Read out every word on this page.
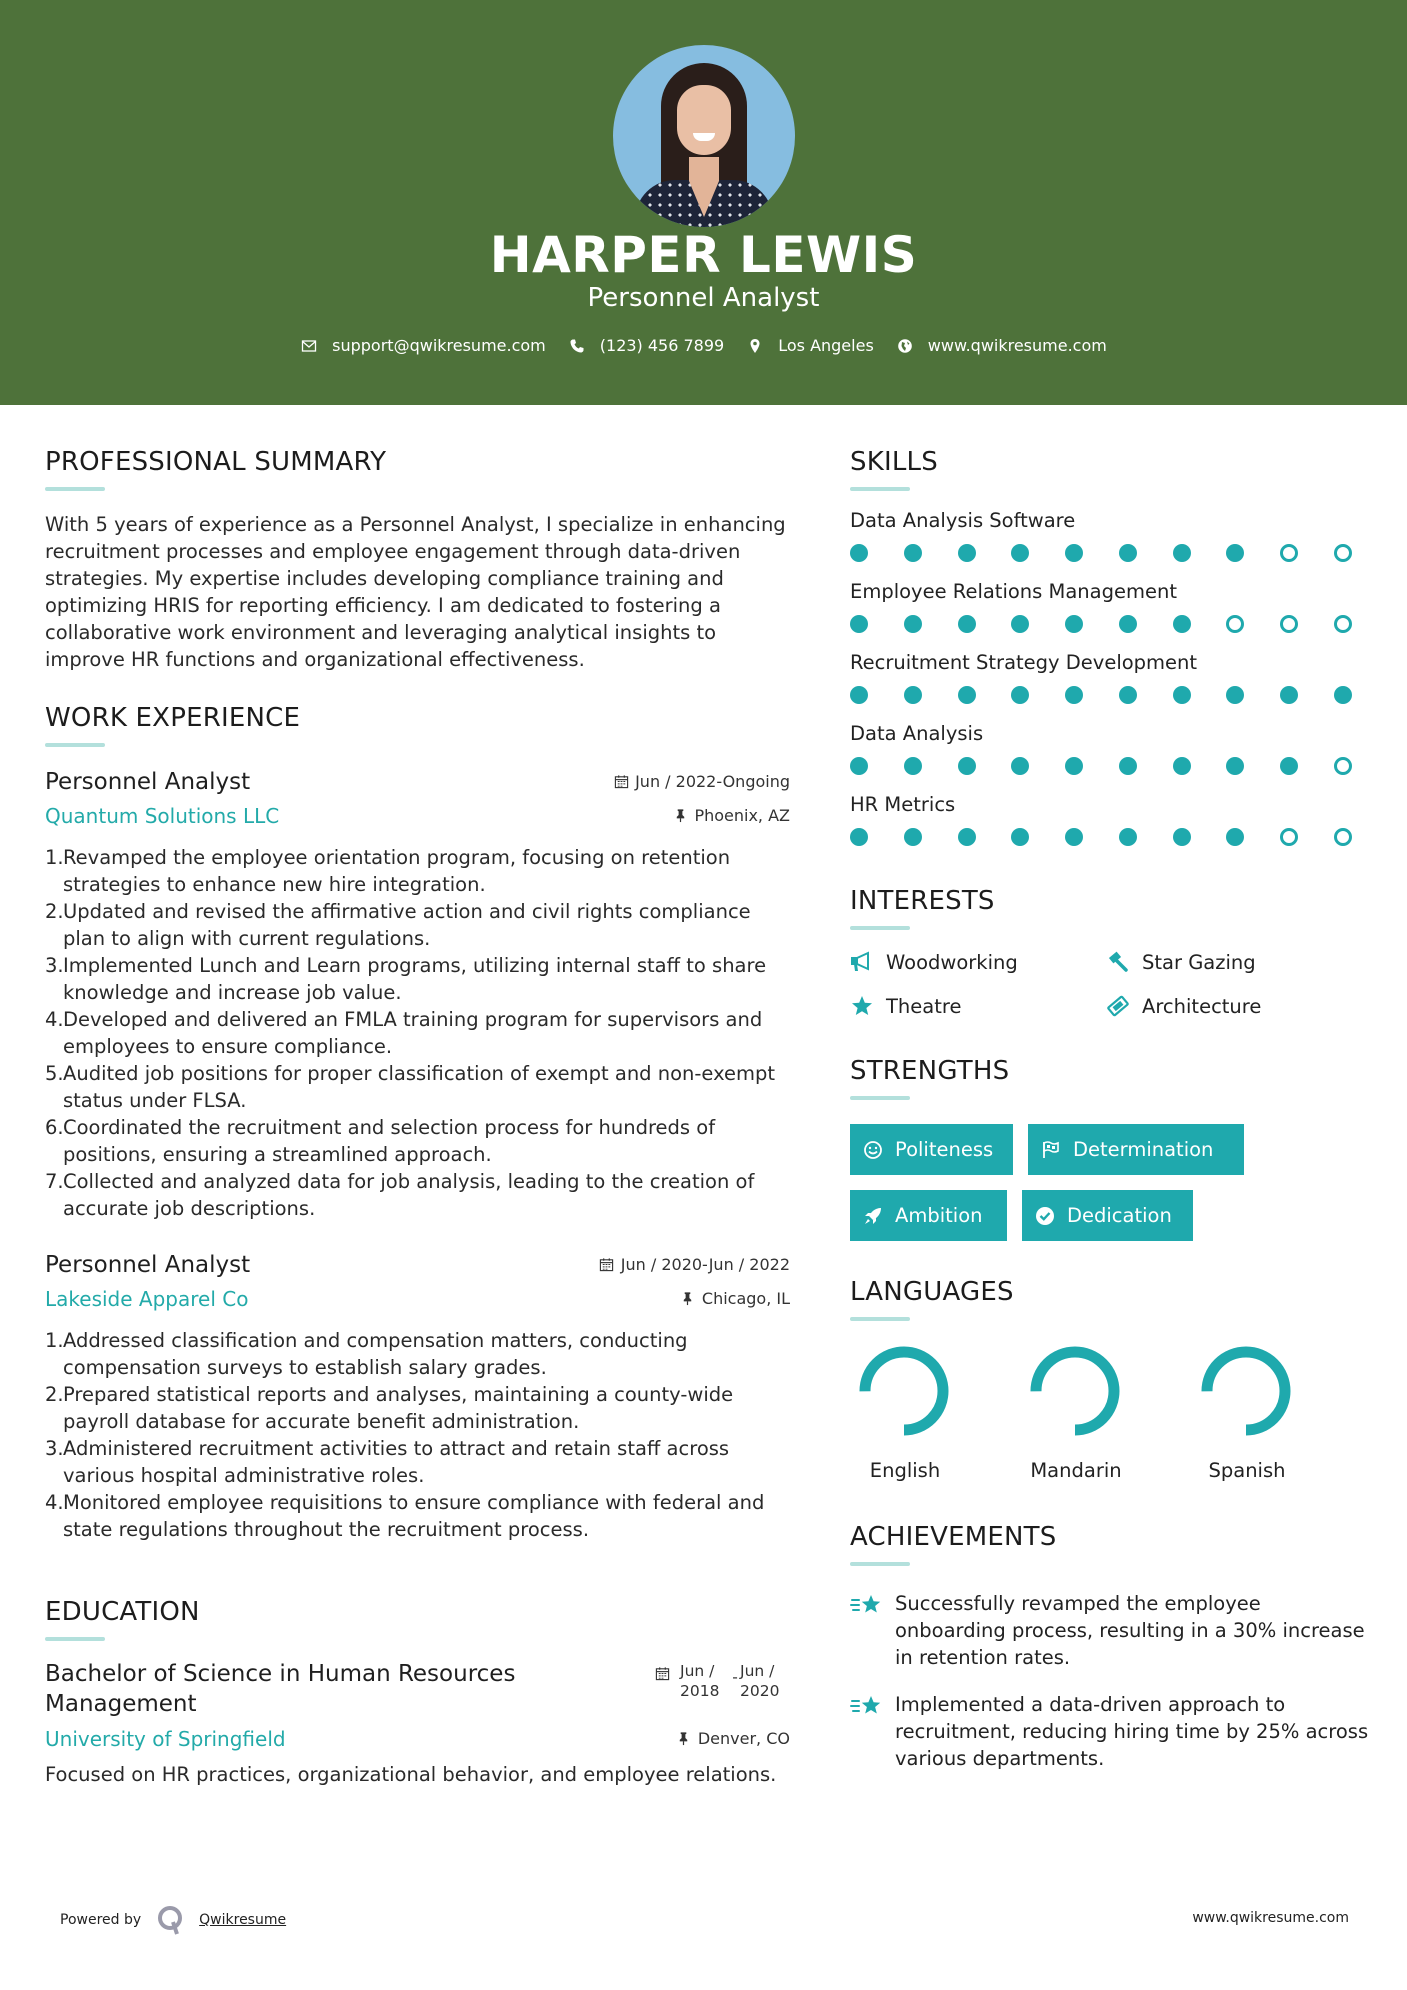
HARPER LEWIS
Personnel Analyst
support@qwikresume.com	(123) 456 7899	Los Angeles	www.qwikresume.com
PROFESSIONAL SUMMARY

With 5 years of experience as a Personnel Analyst, I specialize in enhancing recruitment processes and employee engagement through data-driven strategies. My expertise includes developing compliance training and optimizing HRIS for reporting efficiency. I am dedicated to fostering a collaborative work environment and leveraging analytical insights to improve HR functions and organizational effectiveness.

WORK EXPERIENCE
Personnel Analyst	Jun / 2022-Ongoing
Quantum Solutions LLC	Phoenix, AZ
1. Revamped the employee orientation program, focusing on retention strategies to enhance new hire integration.
2. Updated and revised the affirmative action and civil rights compliance plan to align with current regulations.
3. Implemented Lunch and Learn programs, utilizing internal staff to share knowledge and increase job value.
4. Developed and delivered an FMLA training program for supervisors and employees to ensure compliance.
5. Audited job positions for proper classification of exempt and non-exempt status under FLSA.
6. Coordinated the recruitment and selection process for hundreds of positions, ensuring a streamlined approach.
7. Collected and analyzed data for job analysis, leading to the creation of accurate job descriptions.
Personnel Analyst	Jun / 2020-Jun / 2022
Lakeside Apparel Co	Chicago, IL
1. Addressed classification and compensation matters, conducting compensation surveys to establish salary grades.
2. Prepared statistical reports and analyses, maintaining a county-wide payroll database for accurate benefit administration.
3. Administered recruitment activities to attract and retain staff across various hospital administrative roles.
4. Monitored employee requisitions to ensure compliance with federal and state regulations throughout the recruitment process.
EDUCATION
Bachelor of Science in Human Resources Management
Jun /
2018
- Jun /
2020
University of Springfield	Denver, CO

Focused on HR practices, organizational behavior, and employee relations.

SKILLS
Data Analysis Software
Employee Relations Management
Recruitment Strategy Development
Data Analysis
HR Metrics
INTERESTS
Woodworking	Star Gazing
Theatre	Architecture
STRENGTHS
Politeness	Determination
Ambition	Dedication
LANGUAGES
English	Mandarin	Spanish
ACHIEVEMENTS
Successfully revamped the employee onboarding process, resulting in a 30% increase in retention rates.
Implemented a data-driven approach to recruitment, reducing hiring time by 25% across various departments.
Powered by	Qwikresume	www.qwikresume.com
